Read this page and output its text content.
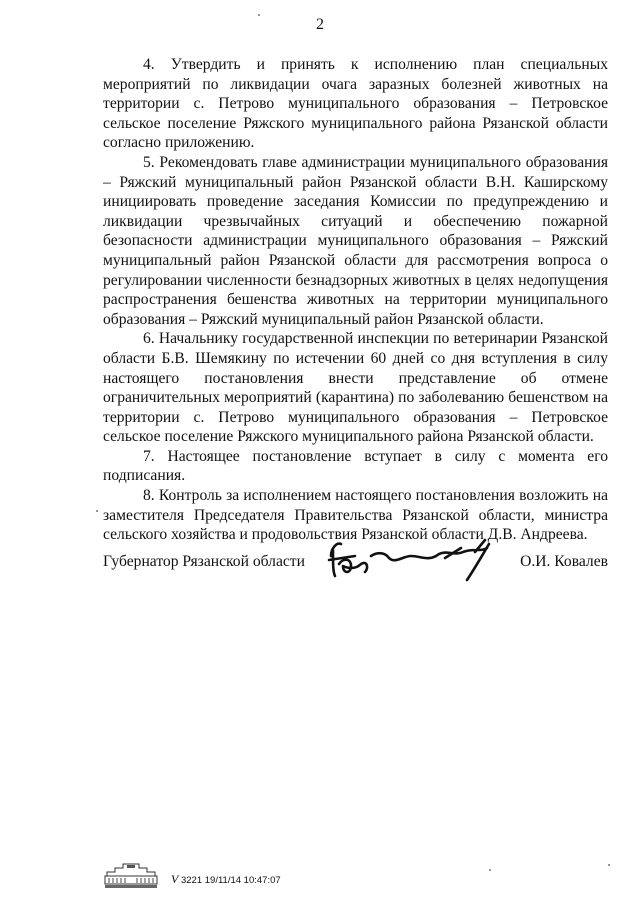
2

4. Утвердить и принять к исполнению план специальных мероприятий по ликвидации очага заразных болезней животных на территории с. Петрово муниципального образования – Петровское сельское поселение Ряжского муниципального района Рязанской области согласно приложению.

5. Рекомендовать главе администрации муниципального образования – Ряжский муниципальный район Рязанской области В.Н. Каширскому инициировать проведение заседания Комиссии по предупреждению и ликвидации чрезвычайных ситуаций и обеспечению пожарной безопасности администрации муниципального образования – Ряжский муниципальный район Рязанской области для рассмотрения вопроса о регулировании численности безнадзорных животных в целях недопущения распространения бешенства животных на территории муниципального образования – Ряжский муниципальный район Рязанской области.

6. Начальнику государственной инспекции по ветеринарии Рязанской области Б.В. Шемякину по истечении 60 дней со дня вступления в силу настоящего постановления внести представление об отмене ограничительных мероприятий (карантина) по заболеванию бешенством на территории с. Петрово муниципального образования – Петровское сельское поселение Ряжского муниципального района Рязанской области.

7. Настоящее постановление вступает в силу с момента его подписания.

8. Контроль за исполнением настоящего постановления возложить на заместителя Председателя Правительства Рязанской области, министра сельского хозяйства и продовольствия Рязанской области Д.В. Андреева.

Губернатор Рязанской области	О.И. Ковалев
V 3221 19/11/14 10:47:07
